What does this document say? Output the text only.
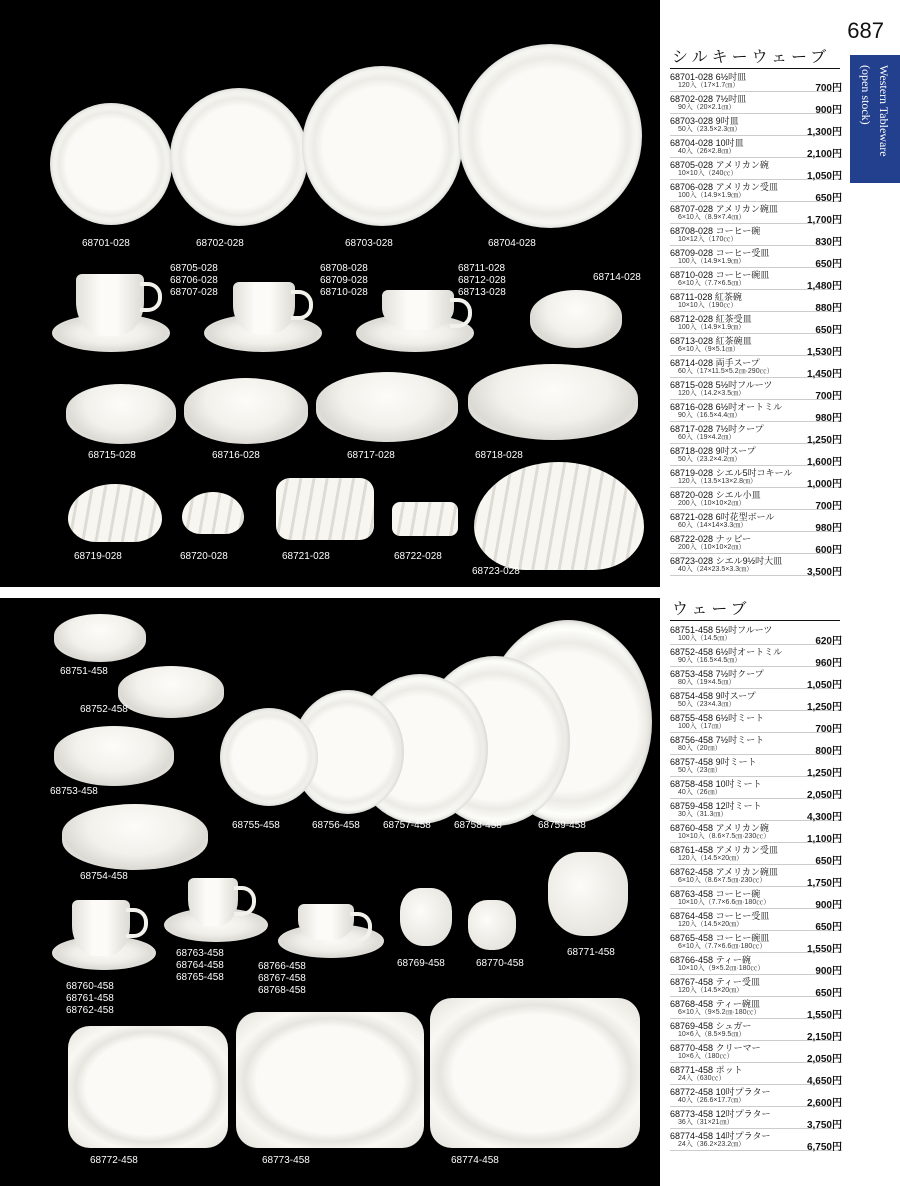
68701-028	68702-028	68703-028	68704-028
68705-028
68706-028
68707-028
68708-028
68709-028
68710-028
68711-028
68712-028
68713-028
68714-028
68715-028	68716-028	68717-028	68718-028
68719-028	68720-028	68721-028	68722-028
68723-028
68751-458
68752-458
68753-458
68754-458
68755-458	68756-458 68757-458 68758-458	68759-458
68760-458
68761-458
68762-458
68763-458
68764-458
68765-458
68766-458
68767-458
68768-458
68769-458	68770-458
68771-458
68772-458	68773-458	68774-458
687
Western Tableware
(open stock)
シルキーウェーブ
68701-028 6½吋皿
120入（17×1.7㎝）	700円
68702-028 7½吋皿
90入（20×2.1㎝）	900円
68703-028 9吋皿
50入（23.5×2.3㎝）	1,300円
68704-028 10吋皿
40入（26×2.8㎝）	2,100円
68705-028 アメリカン碗
10×10入（240㏄）	1,050円
68706-028 アメリカン受皿
100入（14.9×1.9㎝）	650円
68707-028 アメリカン碗皿
6×10入（8.9×7.4㎝）	1,700円
68708-028 コーヒー碗
10×12入（170㏄）	830円
68709-028 コーヒー受皿
100入（14.9×1.9㎝）	650円
68710-028 コーヒー碗皿
6×10入（7.7×6.5㎝）	1,480円
68711-028 紅茶碗
10×10入（190㏄）	880円
68712-028 紅茶受皿
100入（14.9×1.9㎝）	650円
68713-028 紅茶碗皿
6×10入（9×5.1㎝）	1,530円
68714-028 両手スープ
60入（17×11.5×5.2㎝·290㏄）	1,450円
68715-028 5½吋フルーツ
120入（14.2×3.5㎝）	700円
68716-028 6½吋オートミル
90入（16.5×4.4㎝）	980円
68717-028 7½吋クープ
60入（19×4.2㎝）	1,250円
68718-028 9吋スープ
50入（23.2×4.2㎝）	1,600円
68719-028 シエル5吋コキール
120入（13.5×13×2.8㎝）	1,000円
68720-028 シエル小皿
200入（10×10×2㎝）	700円
68721-028 6吋花型ボール
60入（14×14×3.3㎝）	980円
68722-028 ナッピー
200入（10×10×2㎝）	600円
68723-028 シエル9½吋大皿
40入（24×23.5×3.3㎝）	3,500円
ウェーブ
68751-458 5½吋フルーツ
100入（14.5㎝）	620円
68752-458 6½吋オートミル
90入（16.5×4.5㎝）	960円
68753-458 7½吋クープ
80入（19×4.5㎝）	1,050円
68754-458 9吋スープ
50入（23×4.3㎝）	1,250円
68755-458 6½吋ミート
100入（17㎝）	700円
68756-458 7½吋ミート
80入（20㎝）	800円
68757-458 9吋ミート
50入（23㎝）	1,250円
68758-458 10吋ミート
40入（26㎝）	2,050円
68759-458 12吋ミート
30入（31.3㎝）	4,300円
68760-458 アメリカン碗
10×10入（8.6×7.5㎝·230㏄）	1,100円
68761-458 アメリカン受皿
120入（14.5×20㎝）	650円
68762-458 アメリカン碗皿
6×10入（8.6×7.5㎝·230㏄）	1,750円
68763-458 コーヒー碗
10×10入（7.7×6.6㎝·180㏄）	900円
68764-458 コーヒー受皿
120入（14.5×20㎝）	650円
68765-458 コーヒー碗皿
6×10入（7.7×6.6㎝·180㏄）	1,550円
68766-458 ティー碗
10×10入（9×5.2㎝·180㏄）	900円
68767-458 ティー受皿
120入（14.5×20㎝）	650円
68768-458 ティー碗皿
6×10入（9×5.2㎝·180㏄）	1,550円
68769-458 シュガー
10×6入（8.5×9.5㎝）	2,150円
68770-458 クリーマー
10×6入（180㏄）	2,050円
68771-458 ポット
24入（630㏄）	4,650円
68772-458 10吋プラター
40入（26.6×17.7㎝）	2,600円
68773-458 12吋プラター
36入（31×21㎝）	3,750円
68774-458 14吋プラター
24入（36.2×23.2㎝）	6,750円
